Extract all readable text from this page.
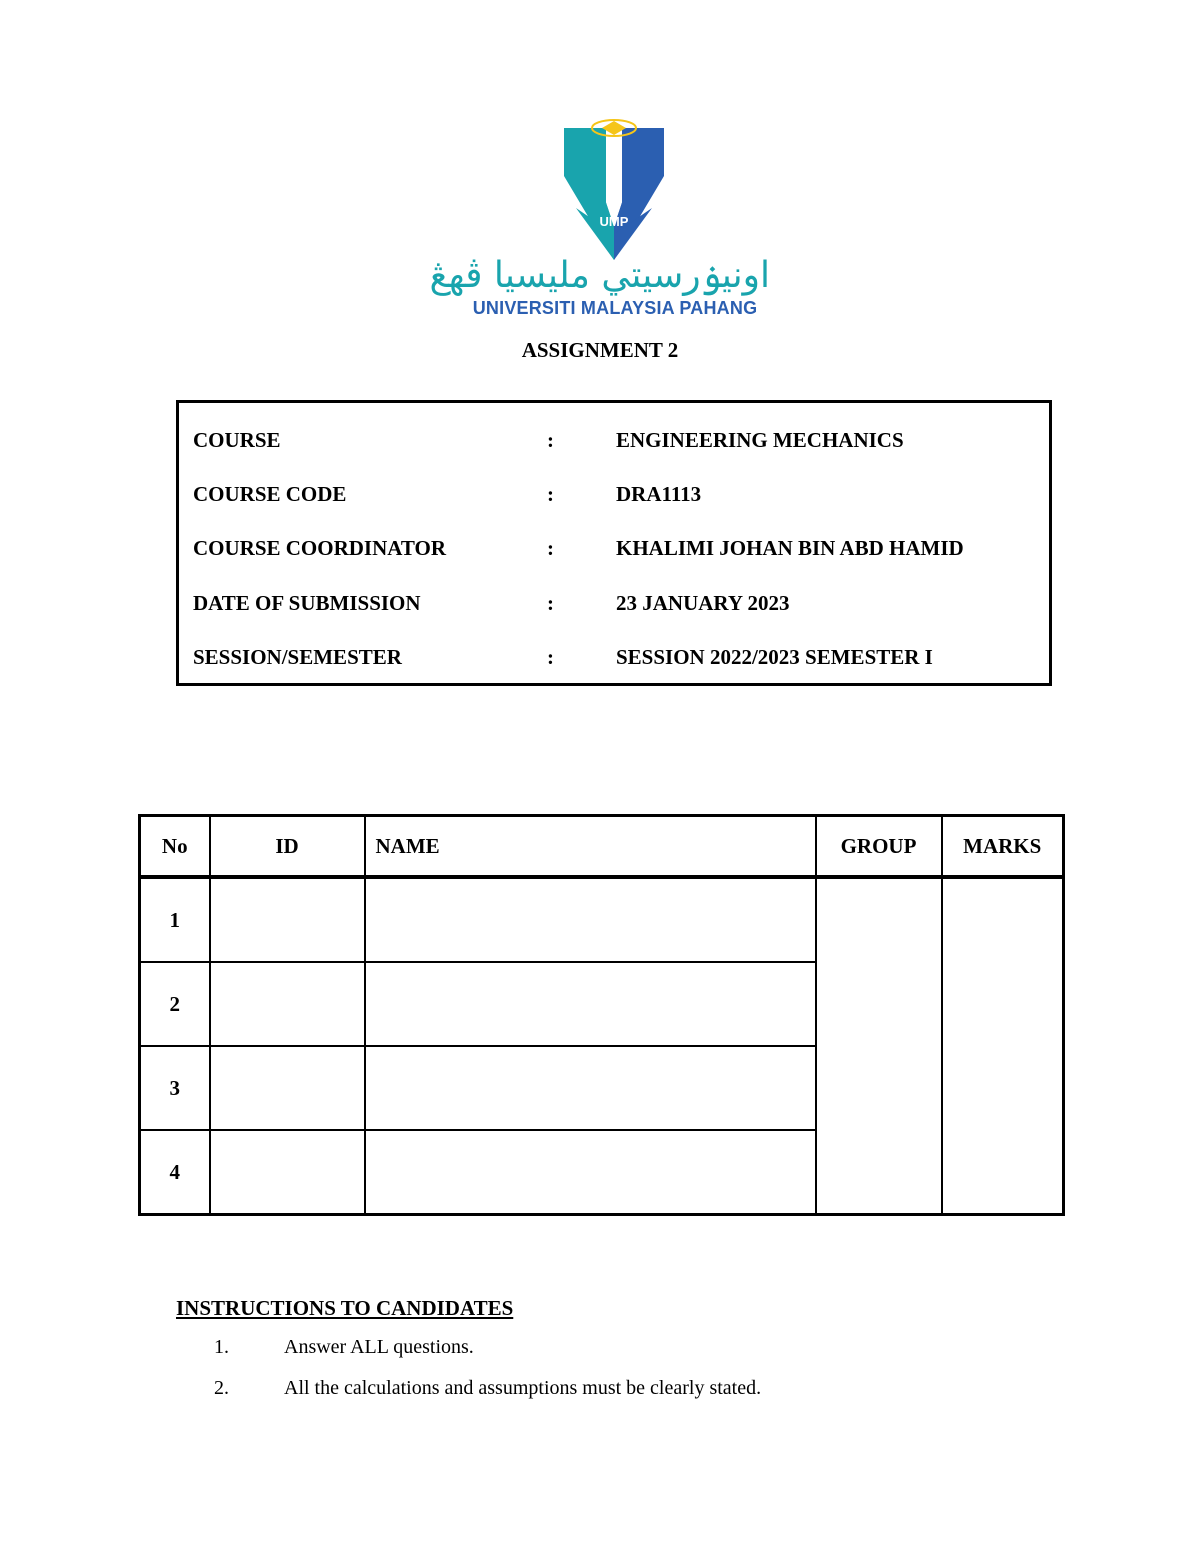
UMP
اونيۏرسيتي مليسيا ڤهڠ
UNIVERSITI MALAYSIA PAHANG
ASSIGNMENT 2
COURSE	:	ENGINEERING MECHANICS
COURSE CODE	:	DRA1113
COURSE COORDINATOR	:	KHALIMI JOHAN BIN ABD HAMID
DATE OF SUBMISSION	:	23 JANUARY 2023
SESSION/SEMESTER	:	SESSION 2022/2023 SEMESTER I
No	ID	NAME	GROUP	MARKS
1				
2				
3				
4				
INSTRUCTIONS TO CANDIDATES
1.	Answer ALL questions.
2.	All the calculations and assumptions must be clearly stated.
